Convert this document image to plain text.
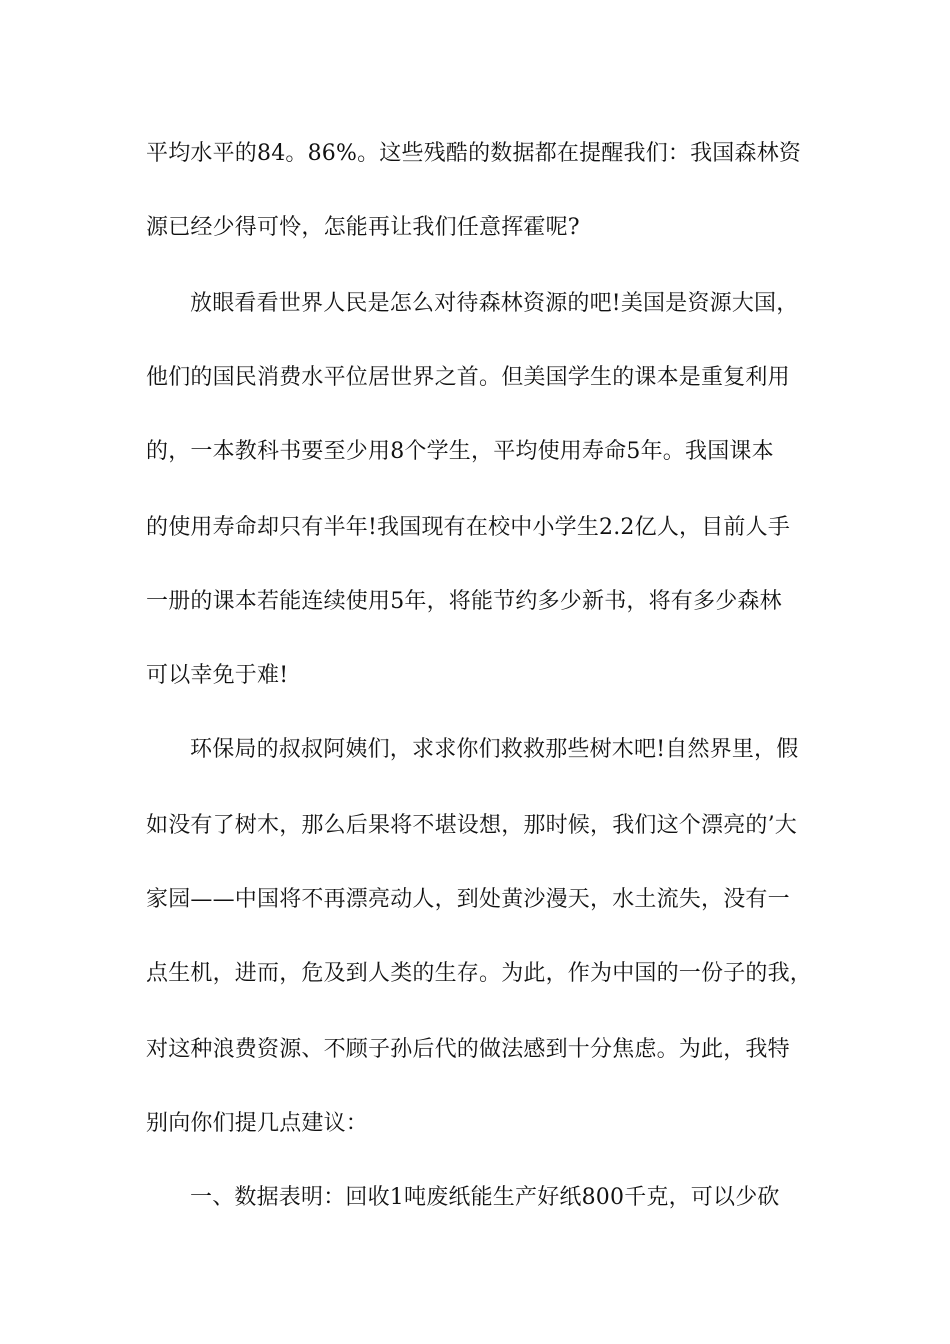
平均水平的84。86%。这些残酷的数据都在提醒我们：我国森林资
源已经少得可怜，怎能再让我们任意挥霍呢?
放眼看看世界人民是怎么对待森林资源的吧!美国是资源大国，
他们的国民消费水平位居世界之首。但美国学生的课本是重复利用
的，一本教科书要至少用8个学生，平均使用寿命5年。我国课本
的使用寿命却只有半年!我国现有在校中小学生2.2亿人，目前人手
一册的课本若能连续使用5年，将能节约多少新书，将有多少森林
可以幸免于难!
环保局的叔叔阿姨们，求求你们救救那些树木吧!自然界里，假
如没有了树木，那么后果将不堪设想，那时候，我们这个漂亮的’大
家园——中国将不再漂亮动人，到处黄沙漫天，水土流失，没有一
点生机，进而，危及到人类的生存。为此，作为中国的一份子的我，
对这种浪费资源、不顾子孙后代的做法感到十分焦虑。为此，我特
别向你们提几点建议：
一、数据表明：回收1吨废纸能生产好纸800千克，可以少砍
